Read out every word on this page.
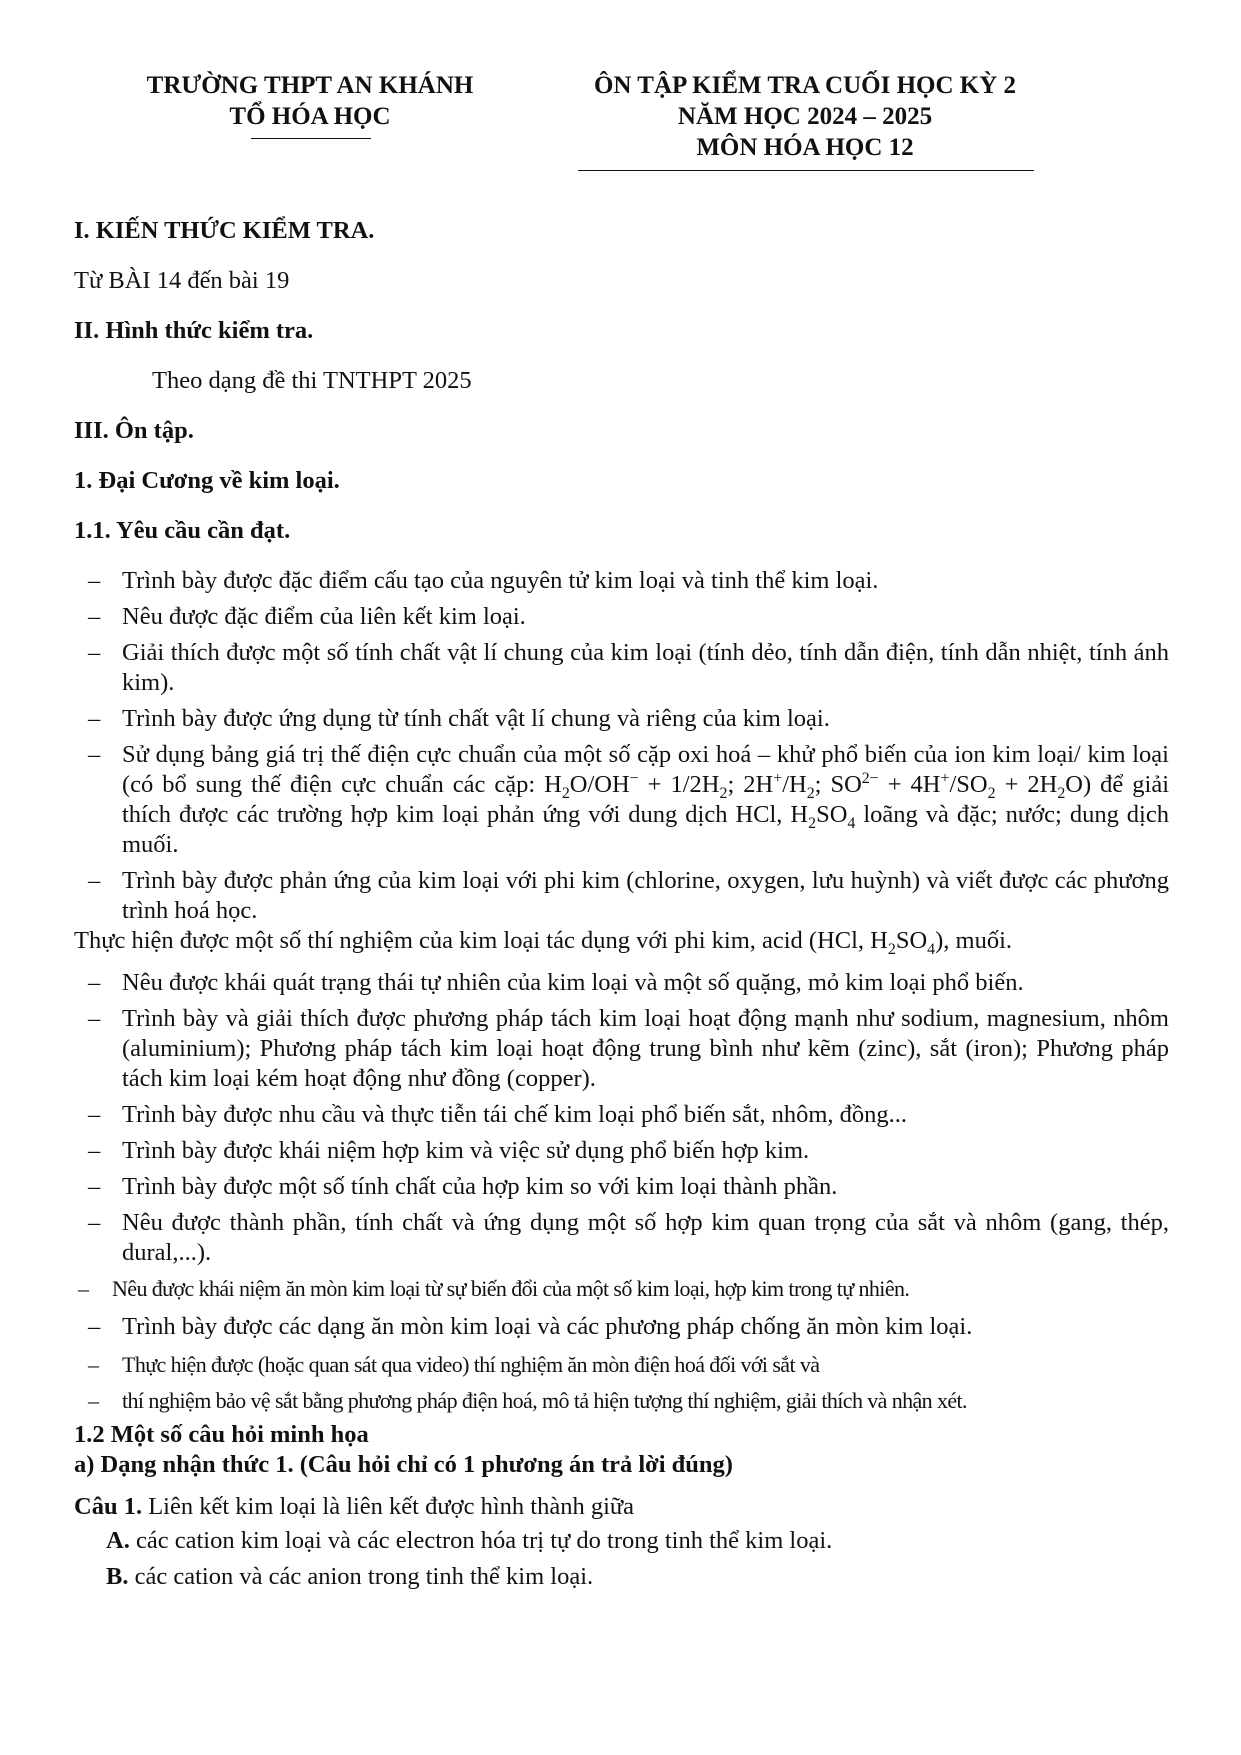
TRƯỜNG THPT AN KHÁNH
TỔ HÓA HỌC
ÔN TẬP KIỂM TRA CUỐI HỌC KỲ 2
NĂM HỌC 2024 – 2025
MÔN HÓA HỌC 12
I. KIẾN THỨC KIỂM TRA.
Từ BÀI 14 đến bài 19
II. Hình thức kiểm tra.
Theo dạng đề thi TNTHPT 2025
III. Ôn tập.
1. Đại Cương về kim loại.
1.1. Yêu cầu cần đạt.
– Trình bày được đặc điểm cấu tạo của nguyên tử kim loại và tinh thể kim loại.
– Nêu được đặc điểm của liên kết kim loại.
– Giải thích được một số tính chất vật lí chung của kim loại (tính dẻo, tính dẫn điện, tính dẫn nhiệt, tính ánh kim).
– Trình bày được ứng dụng từ tính chất vật lí chung và riêng của kim loại.
– Sử dụng bảng giá trị thế điện cực chuẩn của một số cặp oxi hoá – khử phổ biến của ion kim loại/ kim loại (có bổ sung thế điện cực chuẩn các cặp: $H_2O/OH^- + 1/2H_2$; $2H^+/H_2$; $SO^{2-} + 4H^+/SO_2 + 2H_2O$) để giải thích được các trường hợp kim loại phản ứng với dung dịch HCl, $H_2SO_4$ loãng và đặc; nước; dung dịch muối.
– Trình bày được phản ứng của kim loại với phi kim (chlorine, oxygen, lưu huỳnh) và viết được các phương trình hoá học.
Thực hiện được một số thí nghiệm của kim loại tác dụng với phi kim, acid (HCl, $H_2SO_4$), muối.
– Nêu được khái quát trạng thái tự nhiên của kim loại và một số quặng, mỏ kim loại phổ biến.
– Trình bày và giải thích được phương pháp tách kim loại hoạt động mạnh như sodium, magnesium, nhôm (aluminium); Phương pháp tách kim loại hoạt động trung bình như kẽm (zinc), sắt (iron); Phương pháp tách kim loại kém hoạt động như đồng (copper).
– Trình bày được nhu cầu và thực tiễn tái chế kim loại phổ biến sắt, nhôm, đồng...
– Trình bày được khái niệm hợp kim và việc sử dụng phổ biến hợp kim.
– Trình bày được một số tính chất của hợp kim so với kim loại thành phần.
– Nêu được thành phần, tính chất và ứng dụng một số hợp kim quan trọng của sắt và nhôm (gang, thép, dural,...).
– Nêu được khái niệm ăn mòn kim loại từ sự biến đổi của một số kim loại, hợp kim trong tự nhiên.
– Trình bày được các dạng ăn mòn kim loại và các phương pháp chống ăn mòn kim loại.
– Thực hiện được (hoặc quan sát qua video) thí nghiệm ăn mòn điện hoá đối với sắt và
– thí nghiệm bảo vệ sắt bằng phương pháp điện hoá, mô tả hiện tượng thí nghiệm, giải thích và nhận xét.
1.2 Một số câu hỏi minh họa
a) Dạng nhận thức 1. (Câu hỏi chỉ có 1 phương án trả lời đúng)
Câu 1. Liên kết kim loại là liên kết được hình thành giữa
A. các cation kim loại và các electron hóa trị tự do trong tinh thể kim loại.
B. các cation và các anion trong tinh thể kim loại.
